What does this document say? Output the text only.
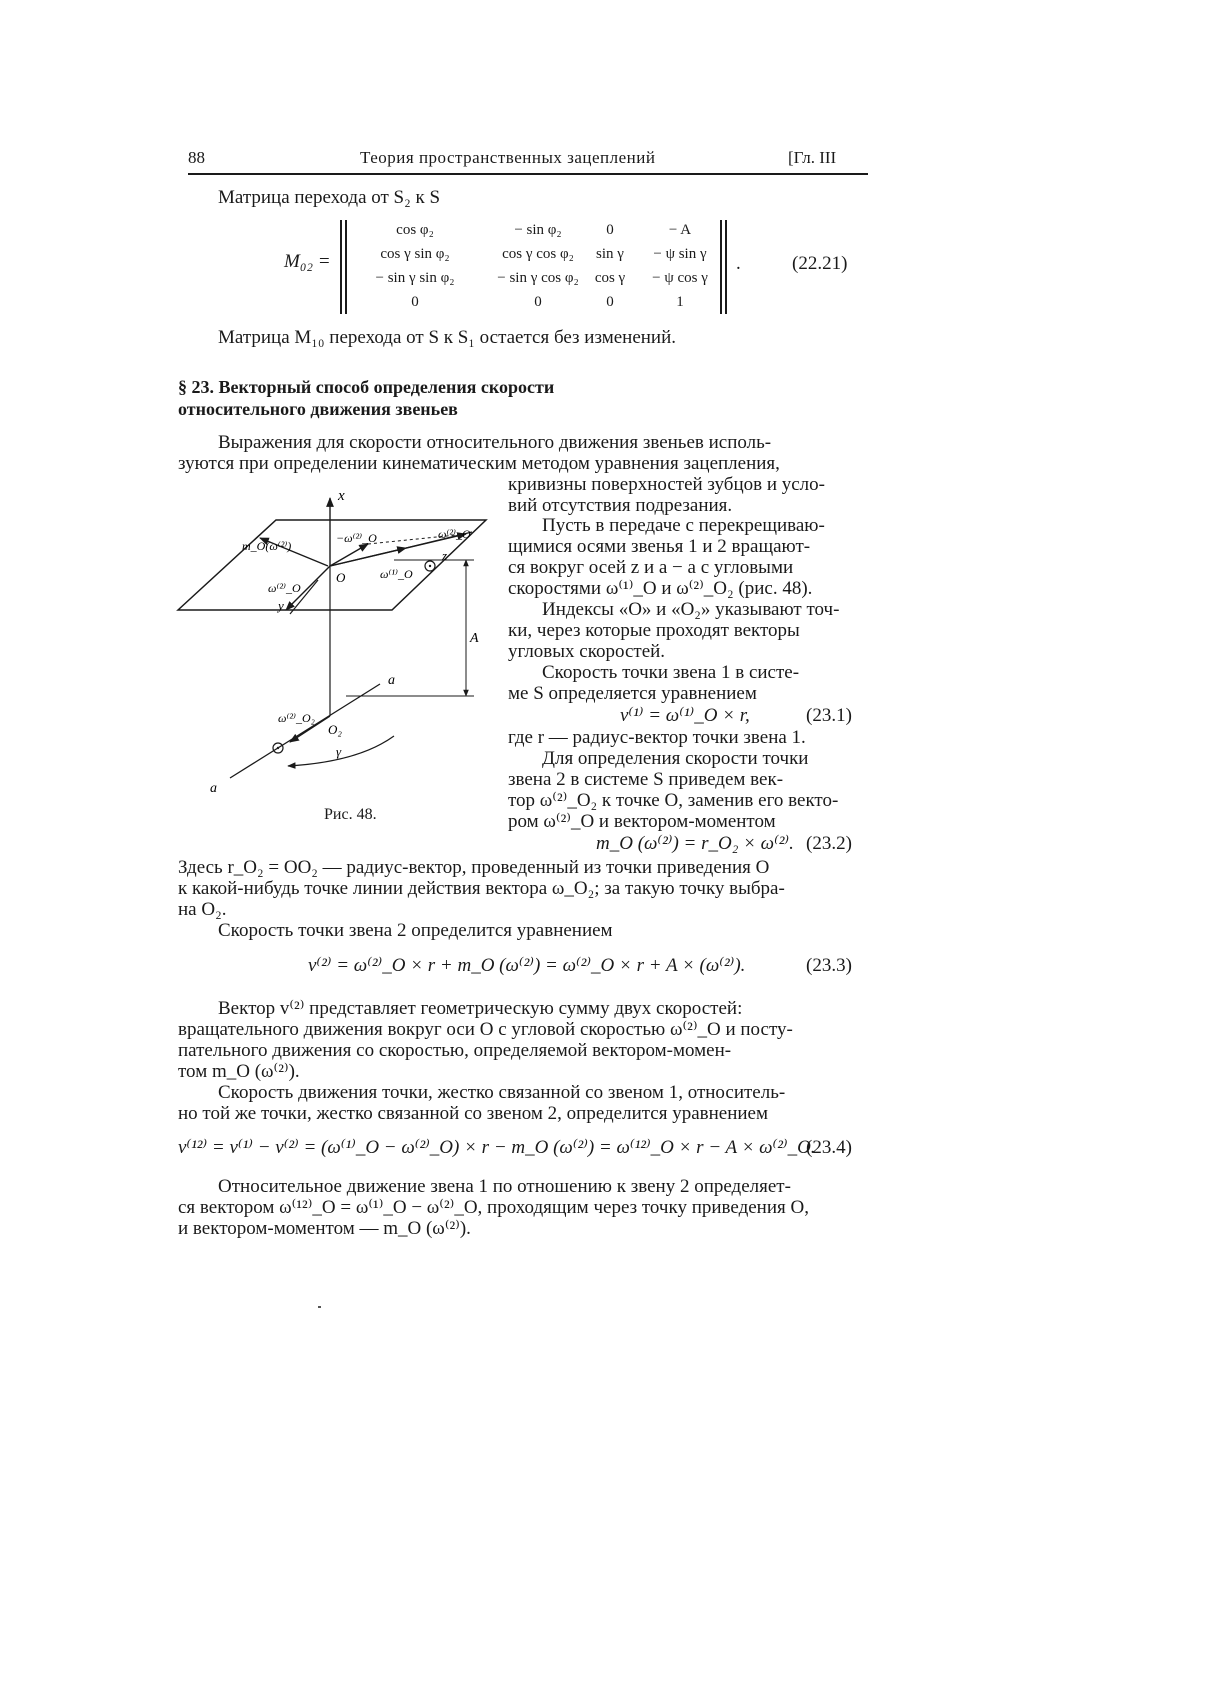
88	Теория пространственных зацеплений	[Гл. III
Матрица перехода от S₂ к S
M₀₂ =
cos φ₂	− sin φ₂	0	− A
cos γ sin φ₂	cos γ cos φ₂	sin γ	− ψ sin γ
− sin γ sin φ₂	− sin γ cos φ₂	cos γ	− ψ cos γ
0	0	0	1
.	(22.21)
Матрица M₁₀ перехода от S к S₁ остается без изменений.
§ 23. Векторный способ определения скорости
относительного движения звеньев
Выражения для скорости относительного движения звеньев исполь-
зуются при определении кинематическим методом уравнения зацепления,
кривизны поверхностей зубцов и усло-
вий отсутствия подрезания.
Пусть в передаче с перекрещиваю-
щимися осями звенья 1 и 2 вращают-
ся вокруг осей z и a − a с угловыми
скоростями ω⁽¹⁾_O и ω⁽²⁾_O₂ (рис. 48).
Индексы «O» и «O₂» указывают точ-
ки, через которые проходят векторы
угловых скоростей.
Скорость точки звена 1 в систе-
ме S определяется уравнением
v⁽¹⁾ = ω⁽¹⁾_O × r,	(23.1)
где r — радиус-вектор точки звена 1.
Для определения скорости точки
звена 2 в системе S приведем век-
тор ω⁽²⁾_O₂ к точке O, заменив его векто-
ром ω⁽²⁾_O и вектором-моментом
m_O (ω⁽²⁾) = r_O₂ × ω⁽²⁾. (23.2)
Здесь r_O₂ = OO₂ — радиус-вектор, проведенный из точки приведения O
к какой-нибудь точке линии действия вектора ω_O₂; за такую точку выбра-
на O₂.
Скорость точки звена 2 определится уравнением
v⁽²⁾ = ω⁽²⁾_O × r + m_O (ω⁽²⁾) = ω⁽²⁾_O × r + A × (ω⁽²⁾).	(23.3)
Вектор v⁽²⁾ представляет геометрическую сумму двух скоростей:
вращательного движения вокруг оси O с угловой скоростью ω⁽²⁾_O и посту-
пательного движения со скоростью, определяемой вектором-момен-
том m_O (ω⁽²⁾).
Скорость движения точки, жестко связанной со звеном 1, относитель-
но той же точки, жестко связанной со звеном 2, определится уравнением
v⁽¹²⁾ = v⁽¹⁾ − v⁽²⁾ = (ω⁽¹⁾_O − ω⁽²⁾_O) × r − m_O (ω⁽²⁾) = ω⁽¹²⁾_O × r − A × ω⁽²⁾_O.
(23.4)
Относительное движение звена 1 по отношению к звену 2 определяет-
ся вектором ω⁽¹²⁾_O = ω⁽¹⁾_O − ω⁽²⁾_O, проходящим через точку приведения O,
и вектором-моментом — m_O (ω⁽²⁾).
x
m_O(ω⁽²⁾)
−ω⁽²⁾_O	ω⁽²⁾_O
ω⁽¹⁾_O
O
z
ω⁽²⁾_O
y
A
a
ω⁽²⁾_O₂
O₂
γ
a
Рис. 48.
